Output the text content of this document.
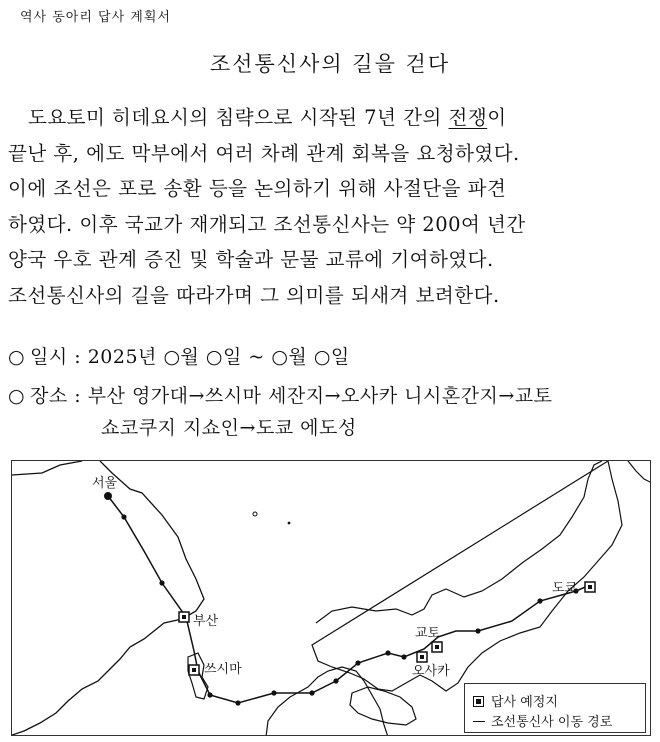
역사 동아리 답사 계획서
조선통신사의 길을 걷다
도요토미 히데요시의 침략으로 시작된 7년 간의 전쟁이
끝난 후, 에도 막부에서 여러 차례 관계 회복을 요청하였다.
이에 조선은 포로 송환 등을 논의하기 위해 사절단을 파견
하였다. 이후 국교가 재개되고 조선통신사는 약 200여 년간
양국 우호 관계 증진 및 학술과 문물 교류에 기여하였다.
조선통신사의 길을 따라가며 그 의미를 되새겨 보려한다.
○ 일시 : 2025년 ○월 ○일 ~ ○월 ○일
○ 장소 : 부산 영가대→쓰시마 세잔지→오사카 니시혼간지→교토
쇼코쿠지 지쇼인→도쿄 에도성
서울
부산
쓰시마
교토
오사카
도쿄
답사 예정지
조선통신사 이동 경로
